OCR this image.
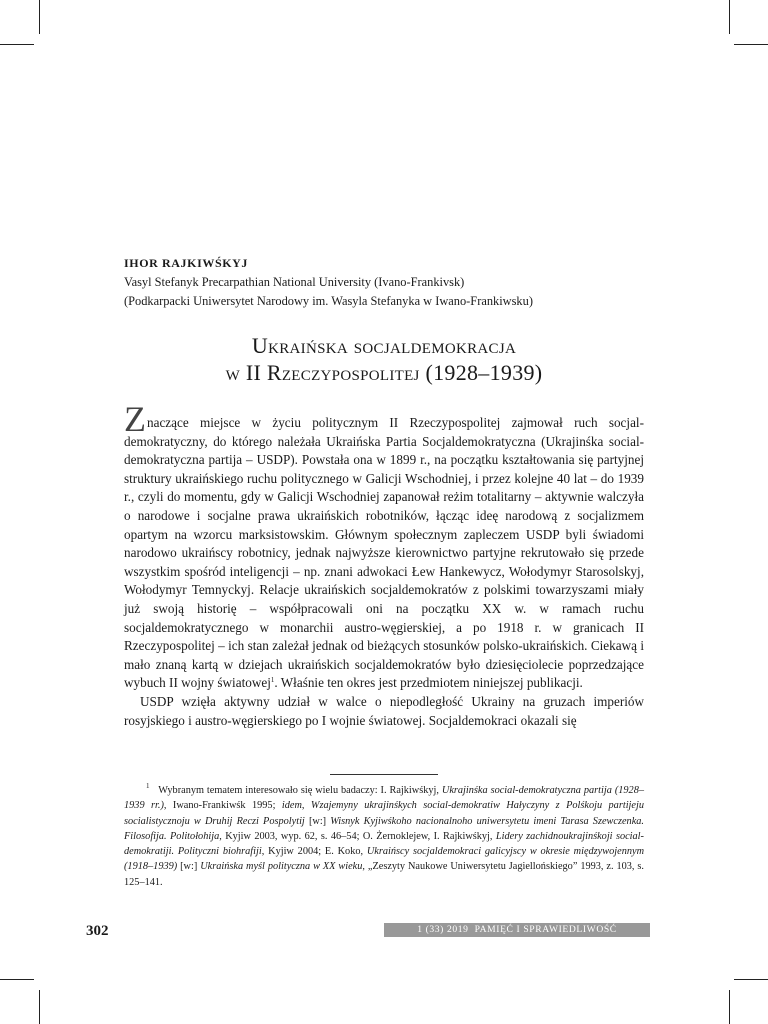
IHOR RAJKIWŚKYJ
Vasyl Stefanyk Precarpathian National University (Ivano-Frankivsk)
(Podkarpacki Uniwersytet Narodowy im. Wasyla Stefanyka w Iwano-Frankiwsku)
Ukraińska socjaldemokracja
w II Rzeczypospolitej (1928–1939)

Znaczące miejsce w życiu politycznym II Rzeczypospolitej zajmował ruch socjaldemokratyczny, do którego należała Ukraińska Partia Socjaldemokratyczna (Ukrajinśka social-demokratyczna partija – USDP). Powstała ona w 1899 r., na początku kształtowania się partyjnej struktury ukraińskiego ruchu politycznego w Galicji Wschodniej, i przez kolejne 40 lat – do 1939 r., czyli do momentu, gdy w Galicji Wschodniej zapanował reżim totalitarny – aktywnie walczyła o narodowe i socjalne prawa ukraińskich robotników, łącząc ideę narodową z socjalizmem opartym na wzorcu marksistowskim. Głównym społecznym zapleczem USDP byli świadomi narodowo ukraińscy robotnicy, jednak najwyższe kierownictwo partyjne rekrutowało się przede wszystkim spośród inteligencji – np. znani adwokaci Łew Hankewycz, Wołodymyr Starosolskyj, Wołodymyr Temnyckyj. Relacje ukraińskich socjaldemokratów z polskimi towarzyszami miały już swoją historię – współpracowali oni na początku XX w. w ramach ruchu socjaldemokratycznego w monarchii austro-węgierskiej, a po 1918 r. w granicach II Rzeczypospolitej – ich stan zależał jednak od bieżących stosunków polsko-ukraińskich. Ciekawą i mało znaną kartą w dziejach ukraińskich socjaldemokratów było dziesięciolecie poprzedzające wybuch II wojny światowej$^1$. Właśnie ten okres jest przedmiotem niniejszej publikacji.

USDP wzięła aktywny udział w walce o niepodległość Ukrainy na gruzach imperiów rosyjskiego i austro-węgierskiego po I wojnie światowej. Socjaldemokraci okazali się

$^1$ Wybranym tematem interesowało się wielu badaczy: I. Rajkiwśkyj, Ukrajinśka social-demokratyczna partija (1928–1939 rr.), Iwano-Frankiwśk 1995; idem, Wzajemyny ukrajinśkych social-demokratiw Hałyczyny z Polśkoju partijeju socialistycznoju w Druhij Reczi Pospolytij [w:] Wisnyk Kyjiwśkoho nacionalnoho uniwersytetu imeni Tarasa Szewczenka. Filosofija. Politołohija, Kyjiw 2003, wyp. 62, s. 46–54; O. Żernoklejew, I. Rajkiwśkyj, Lidery zachidnoukrajinśkoji social-demokratiji. Politycznі biohrafiji, Kyjiw 2004; E. Koko, Ukraińscy socjaldemokraci galicyjscy w okresie międzywojennym (1918–1939) [w:] Ukraińska myśl polityczna w XX wieku, „Zeszyty Naukowe Uniwersytetu Jagiellońskiego” 1993, z. 103, s. 125–141.
302	1 (33) 2019 PAMIĘĆ I SPRAWIEDLIWOŚĆ
